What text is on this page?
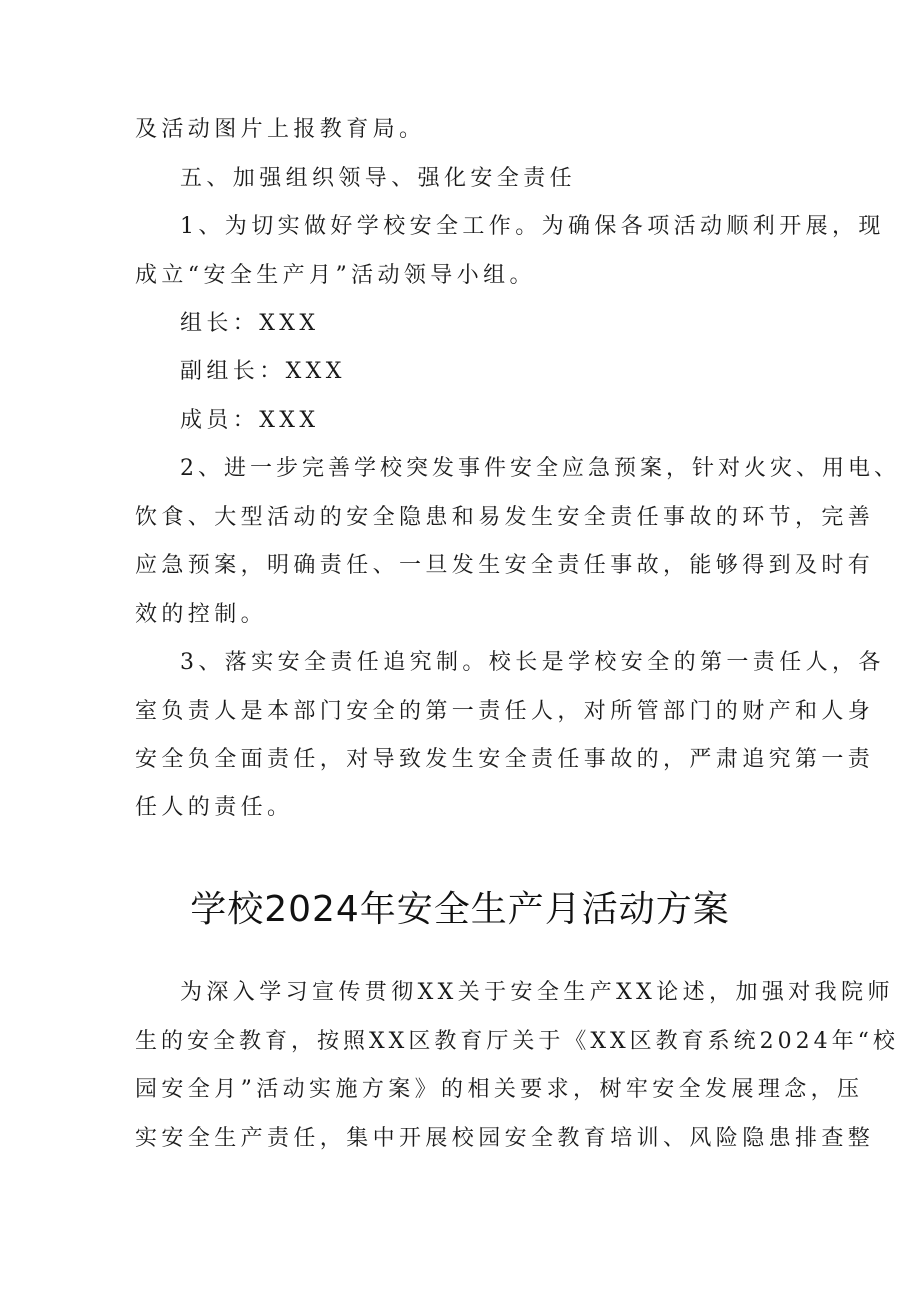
及活动图片上报教育局。
五、加强组织领导、强化安全责任
1、为切实做好学校安全工作。为确保各项活动顺利开展，现
成立“安全生产月”活动领导小组。
组长：XXX
副组长：XXX
成员：XXX
2、进一步完善学校突发事件安全应急预案，针对火灾、用电、
饮食、大型活动的安全隐患和易发生安全责任事故的环节，完善
应急预案，明确责任、一旦发生安全责任事故，能够得到及时有
效的控制。
3、落实安全责任追究制。校长是学校安全的第一责任人，各
室负责人是本部门安全的第一责任人，对所管部门的财产和人身
安全负全面责任，对导致发生安全责任事故的，严肃追究第一责
任人的责任。
学校2024年安全生产月活动方案
为深入学习宣传贯彻XX关于安全生产XX论述，加强对我院师
生的安全教育，按照XX区教育厅关于《XX区教育系统2024年“校
园安全月”活动实施方案》的相关要求，树牢安全发展理念，压
实安全生产责任，集中开展校园安全教育培训、风险隐患排查整
